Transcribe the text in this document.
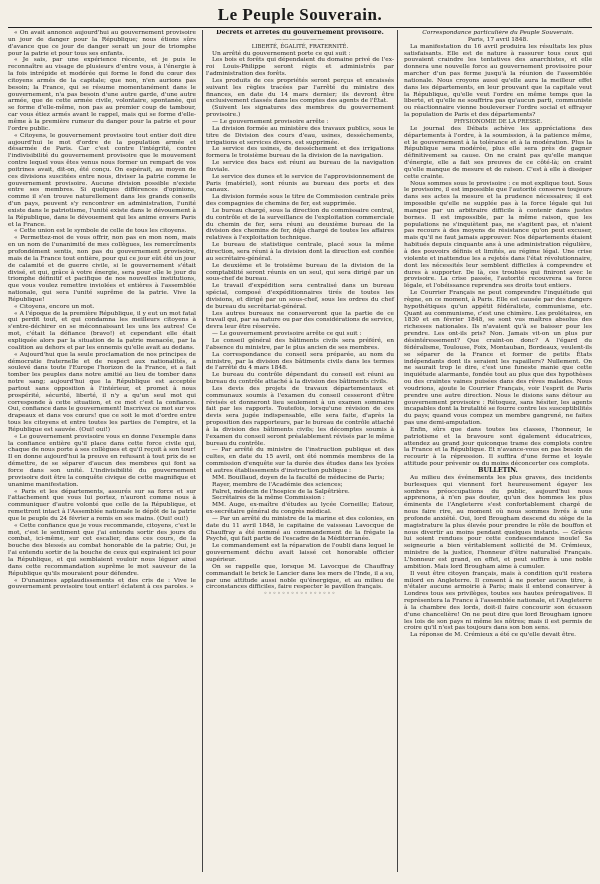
Le Peuple Souverain.

« On avait annoncé aujourd'hui au gouvernement provisoire un jour de danger pour la République; nous étions sûrs d'avance que ce jour de danger serait un jour de triomphe pour la patrie et pour tous ses enfants.

« Je sais, par une expérience récente, et je puis le reconnaître au visage de plusieurs d'entre vous, à l'énergie à la fois intrépide et modérée qui forme le fond du cœur des citoyens armés de la capitale; que non, n'en aurions pas besoin; la France, qui se résume momentanément dans le gouvernement, n'a pas besoin d'une autre garde, d'une autre armée, que de cette armée civile, volontaire, spontanée, qui se forme d'elle-même, non pas au premier coup de tambour, car vous étiez armés avant le rappel, mais qui se forme d'elle-même à la première rumeur du danger pour la patrie et pour l'ordre public.

« Citoyens, le gouvernement provisoire tout entier doit dire aujourd'hui le mot d'ordre de la population armée et désarmée de Paris. Car c'est contre l'intégrité, contre l'indivisibilité du gouvernement provisoire que le mouvement contre lequel vous êtes venus nous former un rempart de vos poitrines avait, dit-on, été conçu. On espérait, au moyen de ces divisions suscitées entre nous, diviser la patrie comme le gouvernement provisoire. Aucune division possible n'existe entre ses membres. Si quelques différences d'opinions, comme il s'en trouve naturellement dans les grands conseils d'un pays, peuvent s'y rencontrer en administration, l'unité existe dans le patriotisme, l'unité existe dans le dévouement à la République, dans le dévouement qui les anime envers Paris et la France.

« Cette union est le symbole de celle de tous les citoyens.

« Permettez-moi de vous offrir, non pas en mon nom, mais en un nom de l'unanimité de mes collègues, les remercîments profondément sentis, non pas du gouvernement provisoire, mais de la France tout entière, pour qui ce jour eût été un jour de calamité et de guerre civile, si le gouvernement s'était divisé, et qui, grâce à votre énergie, sera pour elle le jour du triomphe définitif et pacifique de nos nouvelles institutions, que vous voulez remettre inviolées et entières à l'assemblée nationale, qui sera l'unité suprême de la patrie. Vive la République!

« Citoyens, encore un mot.

« A l'époque de la première République, il y eut un mot fatal qui perdit tout, et qui condamna les meilleurs citoyens à s'entre-déchirer en se méconnaissant les uns les autres! Ce mot, c'était la défiance (bravo!) et cependant elle était expliquée alors par la situation de la patrie menacée, par la coalition au dehors et par les ennemis qu'elle avait au dedans.

« Aujourd'hui que la seule proclamation de nos principes de démocratie fraternelle et de respect aux nationalités, a soulevé dans toute l'Europe l'horizon de la France, et a fait tomber les peuples dans notre amitié au lieu de tomber dans notre sang; aujourd'hui que la République est acceptée partout sans opposition à l'intérieur, et promet à nous prospérité, sécurité, liberté, il n'y a qu'un seul mot qui corresponde à cette situation, et ce mot c'est la confiance. Oui, confiance dans le gouvernement! Inscrivez ce mot sur vos drapeaux et dans vos cœurs! que ce soit le mot d'ordre entre tous les citoyens et entre toutes les parties de l'empire, et la République est sauvée. (Oui! oui!)

« Le gouvernement provisoire vous en donne l'exemple dans la confiance entière qu'il place dans cette force civile qui, chaque de nous porte à ses collègues et qu'il reçoit à son tour! Il en donne aujourd'hui la preuve en refusant à tout prix de se démettre, de se séparer d'aucun des membres qui font sa force dans son unité. L'indivisibilité du gouvernement provisoire doit être la conquête civique de cette magnifique et unanime manifestation.

« Paris et les départements, assurés sur sa force et sur l'attachement que vous lui portez, n'auront comme nous à communiquer d'autre volonté que celle de la République, et remettront intact à l'Assemblée nationale le dépôt de la patrie que le peuple du 24 février a remis en ses mains. (Oui! oui!)

« Cette confiance que je vous recommande, citoyens, c'est le mot, c'est le sentiment que j'ai entendu sortir des jours du combat, ici-même, sur cet escalier, dans ces cours, de la bouche des blessés au combat honorable de la patrie; Oui, je l'ai entendu sortir de la bouche de ceux qui expiraient ici pour la République, et qui semblaient vouloir nous léguer ainsi dans cette recommandation suprême le mot sauveur de la République qu'ils mouraient pour défendre.

« D'unanimes applaudissements et des cris de : Vive le gouvernement provisoire tout entier! éclatent à ces paroles. »

Décrets et arrêtés du gouvernement provisoire.

―――――――

LIBERTÉ, ÉGALITÉ, FRATERNITÉ.

Un arrêté du gouvernement porte ce qui suit :

Les bois et forêts qui dépendaient du domaine privé de l'ex-roi Louis-Philippe seront régis et administrés par l'administration des forêts.

Les produits de ces propriétés seront perçus et encaissés suivant les règles tracées par l'arrêté du ministre des finances, en date du 14 mars dernier; ils devront être exclusivement classés dans les comptes des agents de l'État.

(Suivent les signatures des membres du gouvernement provisoire.)

— Le gouvernement provisoire arrête :

La division formée au ministère des travaux publics, sous le titre de Division des cours d'eau, usines, desséchements, irrigations et services divers, est supprimée.

Le service des usines, de desséchement et des irrigations formera le troisième bureau de la division de la navigation.

Le service des bacs est réuni au bureau de la navigation fluviale.

Le service des dunes et le service de l'approvisionnement de Paris (matériel), sont réunis au bureau des ports et des canaux.

La division formée sous le titre de Commission centrale près des compagnies de chemins de fer, est supprimée.

Le bureau chargé, sous la direction du commissaire central, du contrôle et de la surveillance de l'exploitation commerciale du chemin de fer, sera réuni au deuxième bureau de la division des chemins de fer, déjà chargé de toutes les affaires relatives à l'exploitation technique.

Le bureau de statistique centrale, placé sous la même direction, sera réuni à la division dont la direction est confiée au secrétaire-général.

Le deuxième et le troisième bureau de la division de la comptabilité seront réunis en un seul, qui sera dirigé par un sous-chef de bureau.

Le travail d'expédition sera centralisé dans un bureau spécial, composé d'expéditionnaires tirés de toutes les divisions, et dirigé par un sous-chef, sous les ordres du chef de bureau du secrétariat-général.

Les autres bureaux ne conserveront que la partie de ce travail qui, par sa nature ou par des considérations de service, devra leur être réservée.

— Le gouvernement provisoire arrête ce qui suit :

Le conseil général des bâtiments civils sera préféré, en l'absence du ministre, par le plus ancien de ses membres.

La correspondance du conseil sera préparée, au nom du ministre, par la division des bâtiments civils dans les termes de l'arrêté du 4 mars 1848.

Le bureau du contrôle dépendant du conseil est réuni au bureau du contrôle attaché à la division des bâtiments civils.

Les devis des projets de travaux départementaux et communaux soumis à l'examen du conseil cesseront d'être révisés et donneront lieu seulement à un examen sommaire fait par les rapports. Toutefois, lorsqu'une révision de ces devis sera jugée indispensable, elle sera faite, d'après la proposition des rapporteurs, par le bureau de contrôle attaché à la division des bâtiments civils; les décomptes soumis à l'examen du conseil seront préalablement révisés par le même bureau du contrôle.

— Par arrêté du ministre de l'instruction publique et des cultes, en date du 15 avril, ont été nommés membres de la commission d'enquête sur la durée des études dans les lycées et autres établissements d'instruction publique :

MM. Bouillaud, doyen de la faculté de médecine de Paris;

Rayer, membre de l'Académie des sciences;

Falret, médecin de l'hospice de la Salpêtrière.

Secrétaires de la même Commission :

MM. Auge, ex-maître d'études au lycée Corneille; Eatour, ex-secrétaire général du congrès médical.

— Par un arrêté du ministre de la marine et des colonies, en date du 11 avril 1848, le capitaine de vaisseau Lavocque de Chauffray a été nommé au commandement de la frégate la Psyché, qui fait partie de l'escadre de la Méditerranée.

Le commandement est la réparation de l'oubli dans lequel le gouvernement déchu avait laissé cet honorable officier supérieur.

On se rappelle que, lorsque M. Lavocque de Chauffray commandait le brick le Lancier dans les mers de l'Inde, il a su, par une attitude aussi noble qu'énergique, et au milieu de circonstances difficiles, faire respecter le pavillon français.

◦◦◦◦◦◦◦◦◦◦◦◦◦◦◦◦

Correspondance particulière du Peuple Souverain.

Paris, 17 avril 1848.

La manifestation du 16 avril produira les résultats les plus satisfaisants. Elle est de nature à rassurer tous ceux qui pouvaient craindre les tentatives des anarchistes, et elle donnera une nouvelle force au gouvernement provisoire pour marcher d'un pas ferme jusqu'à la réunion de l'assemblée nationale. Nous croyons aussi qu'elle aura la meilleur effet dans les départements, en leur prouvant que la capitale veut la République, qu'elle veut l'ordre en même temps que la liberté, et qu'elle ne souffrira pas qu'aucun parti, communiste ou réactionnaire vienne bouleverser l'ordre social et effrayer la population de Paris et des départements?

PHYSIONOMIE DE LA PRESSE.

Le journal des Débats achève les appréciations des départements à l'ordre, à la soumission, à la patience même, et le gouvernement à la tolérance et à la modération. Plus la République sera modérée, plus elle sera près de gagner définitivement sa cause. On ne craint pas qu'elle manque d'énergie, elle a fait ses preuves de ce côté-là; on craint qu'elle manque de mesure et de raison. C'est à elle à dissiper cette crainte.

Nous sommes sous le provisoire : ce mot explique tout. Sous le provisoire, il est impossible que l'autorité conserve toujours dans ses actes la mesure et la prudence nécessaires; il est impossible qu'elle ne supplée pas à la force légale qui lui manque par un arbitraire difficile à contenir dans justes bornes. Il est impossible, par la même raison, que les populations ne s'inquiètent pas, ne s'agitent pas, et n'aient pas recours à des moyens de résistance qu'on peut excuser, mais qu'il ne faut jamais approuver. Nos départements étaient habitués depuis cinquante ans à une administration régulière, à des pouvoirs définis et limités, au régime légal. Une crise violente et inattendue les a rejetés dans l'état révolutionnaire, dont les nécessités leur semblent difficiles à comprendre et dures à supporter. De là, ces troubles qui finiront avec le provisoire. La crise passée, l'autorité recouvrera sa force légale, et l'obéissance reprendra ses droits tout entiers.

Le Courrier Français ne peut comprendre l'inquiétude qui règne, en ce moment, à Paris. Elle est causée par des dangers hypothétiques qu'un appétit fédéraliste, communisme, etc. Quant au communisme, c'est une chimère. Les prolétaires, en 1830 et en février 1848, se sont vus maîtres absolus des richesses nationales. Ils n'avaient qu'à se baisser pour les prendre. Les ont-ils pris? Non. Jamais vit-on un plus pur désintéressement? Que craint-on donc? A l'égard du fédéralisme, Toulouse, Foix, Montauban, Bordeaux, veulent-ils se séparer de la France et former de petits États indépendants dont ils seraient les rapaillers? Nullement. On ne saurait trop le dire, c'est une funeste manie que cette inquiétude alarmante, fondée tout au plus que des hypothèses ou des craintes vaines puisées dans des rêves malades. Nous voudrions, ajoute le Courrier Français, voir l'esprit de Paris prendre une autre direction. Nous le disions sans détour au gouvernement provisoire : Rétoquez, sans hésiter, les agents incapables dont la brutalité se fourre contre les susceptibilités du pays; quand vous compez un membre gangrené, ne faites pas une demi-amputation.

Enfin, sûrs que dans toutes les classes, l'honneur, le patriotisme et la bravoure sont également éducatrices, attendez au grand jour quiconque trame des complots contre la France et la République. Et n'avance-vous en pas besoin de recourir à la répression. Il suffira d'une ferme et loyale attitude pour prévenir ou du moins déconcerter ces complots.

BULLETIN.

Au milieu des événements les plus graves, des incidents burlesques qui viennent fort heureusement égayer les sombres préoccupations du public, aujourd'hui nous apprenons, à n'en pas douter, qu'un des hommes les plus éminents de l'Angleterre s'est confortablement chargé de nous faire rire, au moment où nous sommes livrés à une profonde anxiété. Oui, lord Brougham descend du siège de la magistrature la plus élevée pour prendre le rôle de bouffon et nous divertir au moins pendant quelques instants. — Grâces lui soient rendues pour cette condescendance inouïe! Sa seigneurie a bien véritablement sollicité de M. Crémieux, ministre de la justice, l'honneur d'être naturalisé Français. L'honneur est grand, en effet, et peut suffire à une noble ambition. Mais lord Brougham aime à cumuler.

Il veut être citoyen français, mais à condition qu'il restera milord en Angleterre. Il consent à ne porter aucun titre, à n'étaler aucune armoirie à Paris; mais il entend conserver à Londres tous ses privilèges, toutes ses hautes prérogatives. Il représentera la France à l'assemblée nationale, et l'Angleterre à la chambre des lords, doit-il faire concourir son écusson d'une chancelière! On ne peut dire que lord Brougham ignore les lois de son pays ni même les nôtres; mais il est permis de croire qu'il n'est pas toujours dans son bon sens.

La réponse de M. Crémieux a été ce qu'elle devait être.
